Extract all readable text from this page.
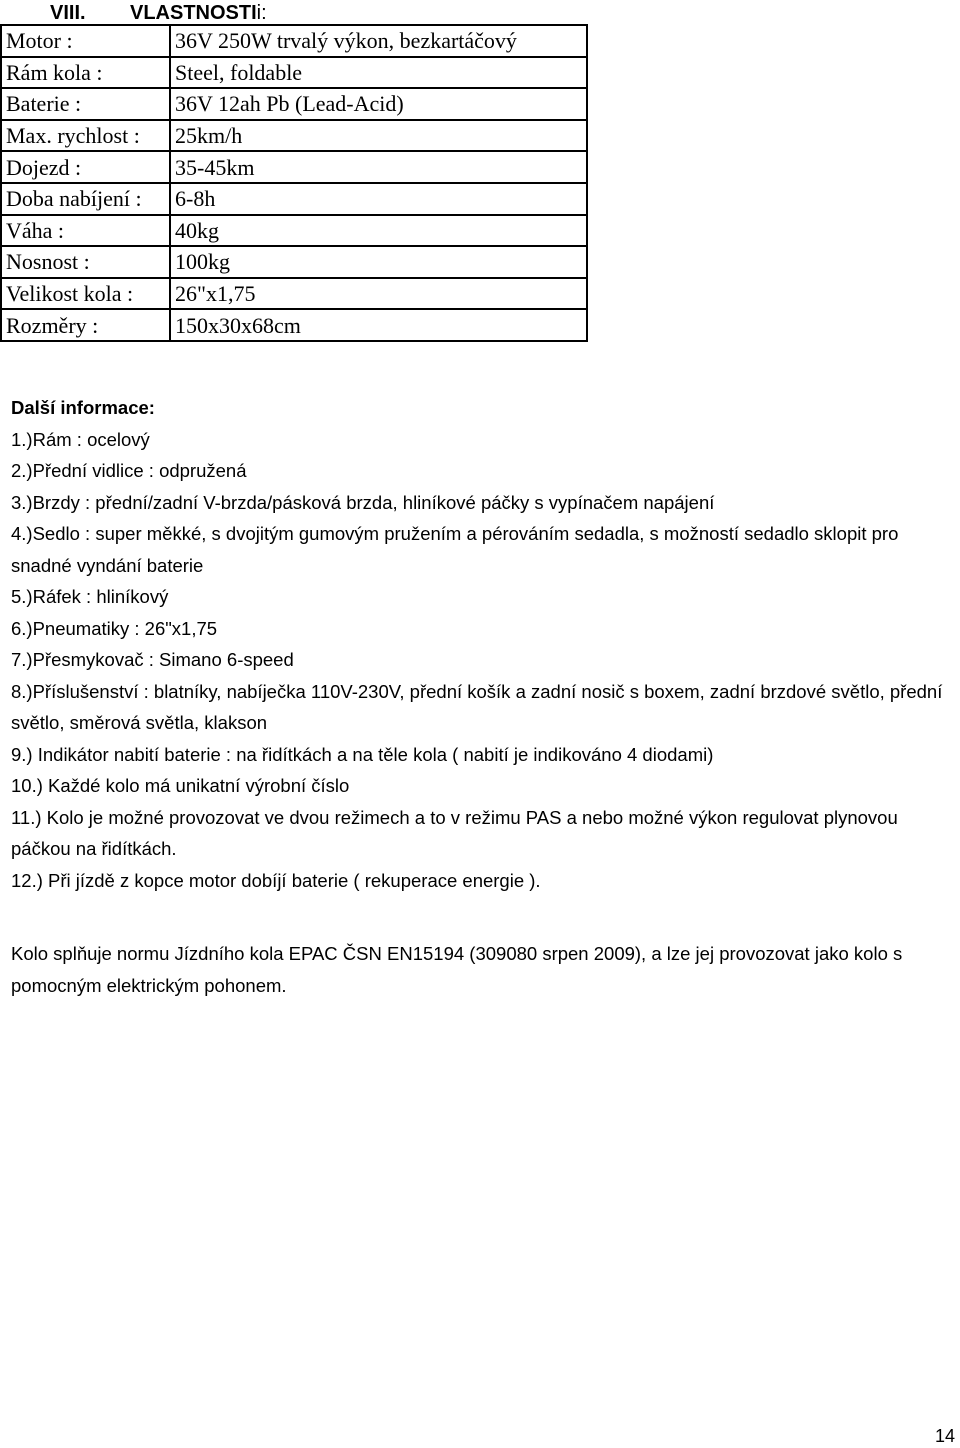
VIII. VLASTNOSTIi:
Motor :	36V 250W trvalý výkon, bezkartáčový
Rám kola :	Steel, foldable
Baterie :	36V 12ah Pb (Lead-Acid)
Max. rychlost :	25km/h
Dojezd :	35-45km
Doba nabíjení :	6-8h
Váha :	40kg
Nosnost :	100kg
Velikost kola :	26"x1,75
Rozměry :	150x30x68cm
Další informace:
1.)Rám : ocelový
2.)Přední vidlice : odpružená
3.)Brzdy : přední/zadní V-brzda/pásková brzda, hliníkové páčky s vypínačem napájení
4.)Sedlo : super měkké, s dvojitým gumovým pružením a pérováním sedadla, s možností sedadlo sklopit pro snadné vyndání baterie
5.)Ráfek : hliníkový
6.)Pneumatiky : 26"x1,75
7.)Přesmykovač : Simano 6-speed
8.)Příslušenství : blatníky, nabíječka 110V-230V, přední košík a zadní nosič s boxem, zadní brzdové světlo, přední světlo, směrová světla, klakson
9.) Indikátor nabití baterie : na řidítkách a na těle kola ( nabití je indikováno 4 diodami)
10.) Každé kolo má unikatní výrobní číslo
11.) Kolo je možné provozovat ve dvou režimech a to v režimu PAS a nebo možné výkon regulovat plynovou páčkou na řidítkách.
12.) Při jízdě z kopce motor dobíjí baterie ( rekuperace energie ).
Kolo splňuje normu Jízdního kola EPAC ČSN EN15194 (309080 srpen 2009), a lze jej provozovat jako kolo s pomocným elektrickým pohonem.
14
